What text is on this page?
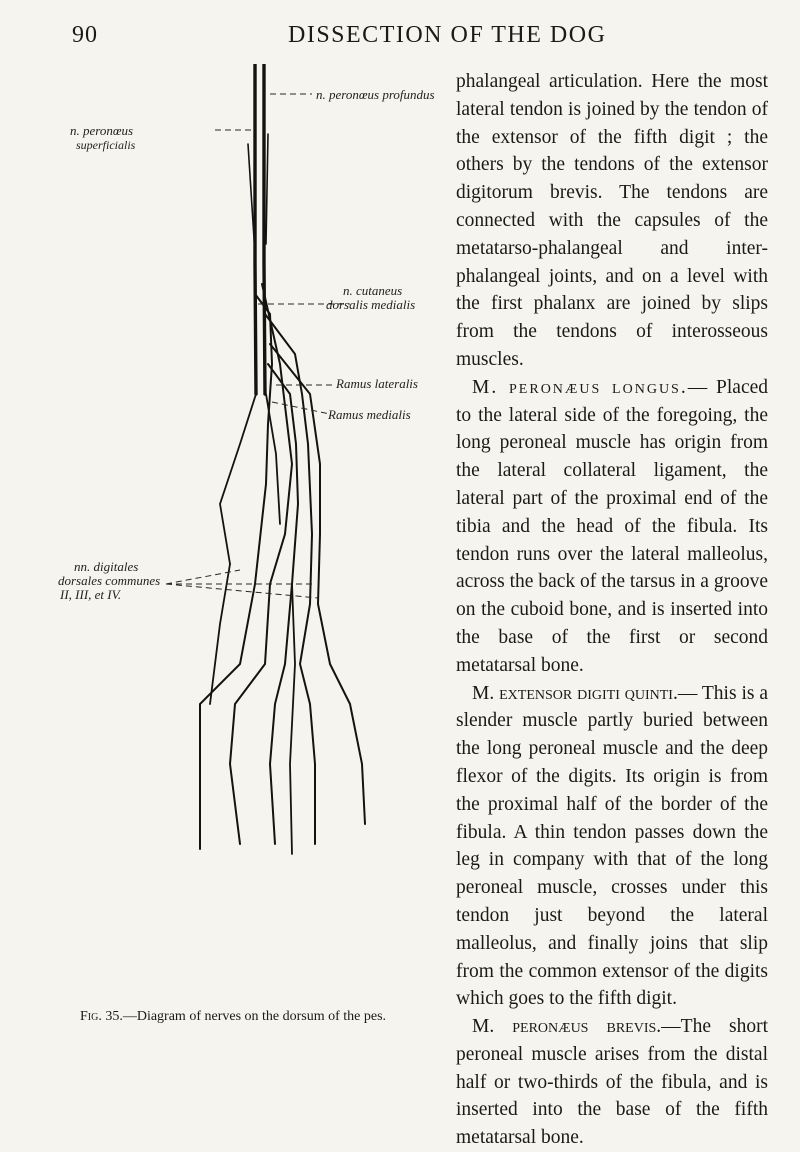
90	DISSECTION OF THE DOG
n. peronœus
superficialis
n. peronœus profundus
n. cutaneus
dorsalis medialis
Ramus lateralis
Ramus medialis
nn. digitales
dorsales communes
II, III, et IV.
Fig. 35.—Diagram of nerves on the dorsum of the pes.

phalangeal articulation. Here the most lateral tendon is joined by the tendon of the extensor of the fifth digit ; the others by the tendons of the extensor digitorum brevis. The tendons are connected with the capsules of the metatarso-phalangeal and inter-phalangeal joints, and on a level with the first phalanx are joined by slips from the tendons of interosseous muscles.

M. peronæus longus.— Placed to the lateral side of the foregoing, the long peroneal muscle has origin from the lateral collateral ligament, the lateral part of the proximal end of the tibia and the head of the fibula. Its tendon runs over the lateral malleolus, across the back of the tarsus in a groove on the cuboid bone, and is inserted into the base of the first or second metatarsal bone.

M. extensor digiti quinti.— This is a slender muscle partly buried between the long peroneal muscle and the deep flexor of the digits. Its origin is from the proximal half of the border of the fibula. A thin tendon passes down the leg in company with that of the long peroneal muscle, crosses under this tendon just beyond the lateral malleolus, and finally joins that slip from the common extensor of the digits which goes to the fifth digit.

M. peronæus brevis.—The short peroneal muscle arises from the distal half or two-thirds of the fibula, and is inserted into the base of the fifth metatarsal bone.
